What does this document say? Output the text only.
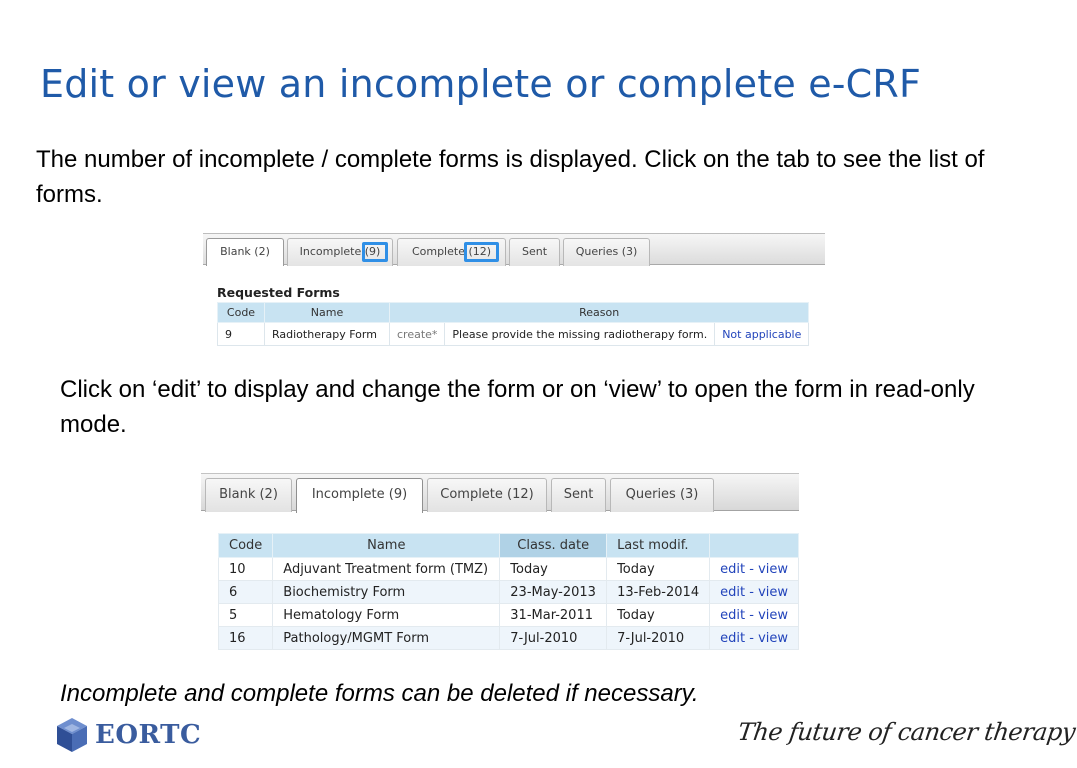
Edit or view an incomplete or complete e-CRF

The number of incomplete / complete forms is displayed. Click on the tab to see the list of forms.

Blank (2)	Incomplete (9)	Complete (12)	Sent	Queries (3)
Requested Forms
Code	Name	Reason		
9	Radiotherapy Form	create*	Please provide the missing radiotherapy form.	Not applicable

Click on ‘edit’ to display and change the form or on ‘view’ to open the form in read-only mode.

Blank (2)	Incomplete (9)	Complete (12)	Sent	Queries (3)
Code	Name	Class. date	Last modif.	
10	Adjuvant Treatment form (TMZ)	Today	Today	edit - view
6	Biochemistry Form	23-May-2013	13-Feb-2014	edit - view
5	Hematology Form	31-Mar-2011	Today	edit - view
16	Pathology/MGMT Form	7-Jul-2010	7-Jul-2010	edit - view

Incomplete and complete forms can be deleted if necessary.

EORTC	The future of cancer therapy
